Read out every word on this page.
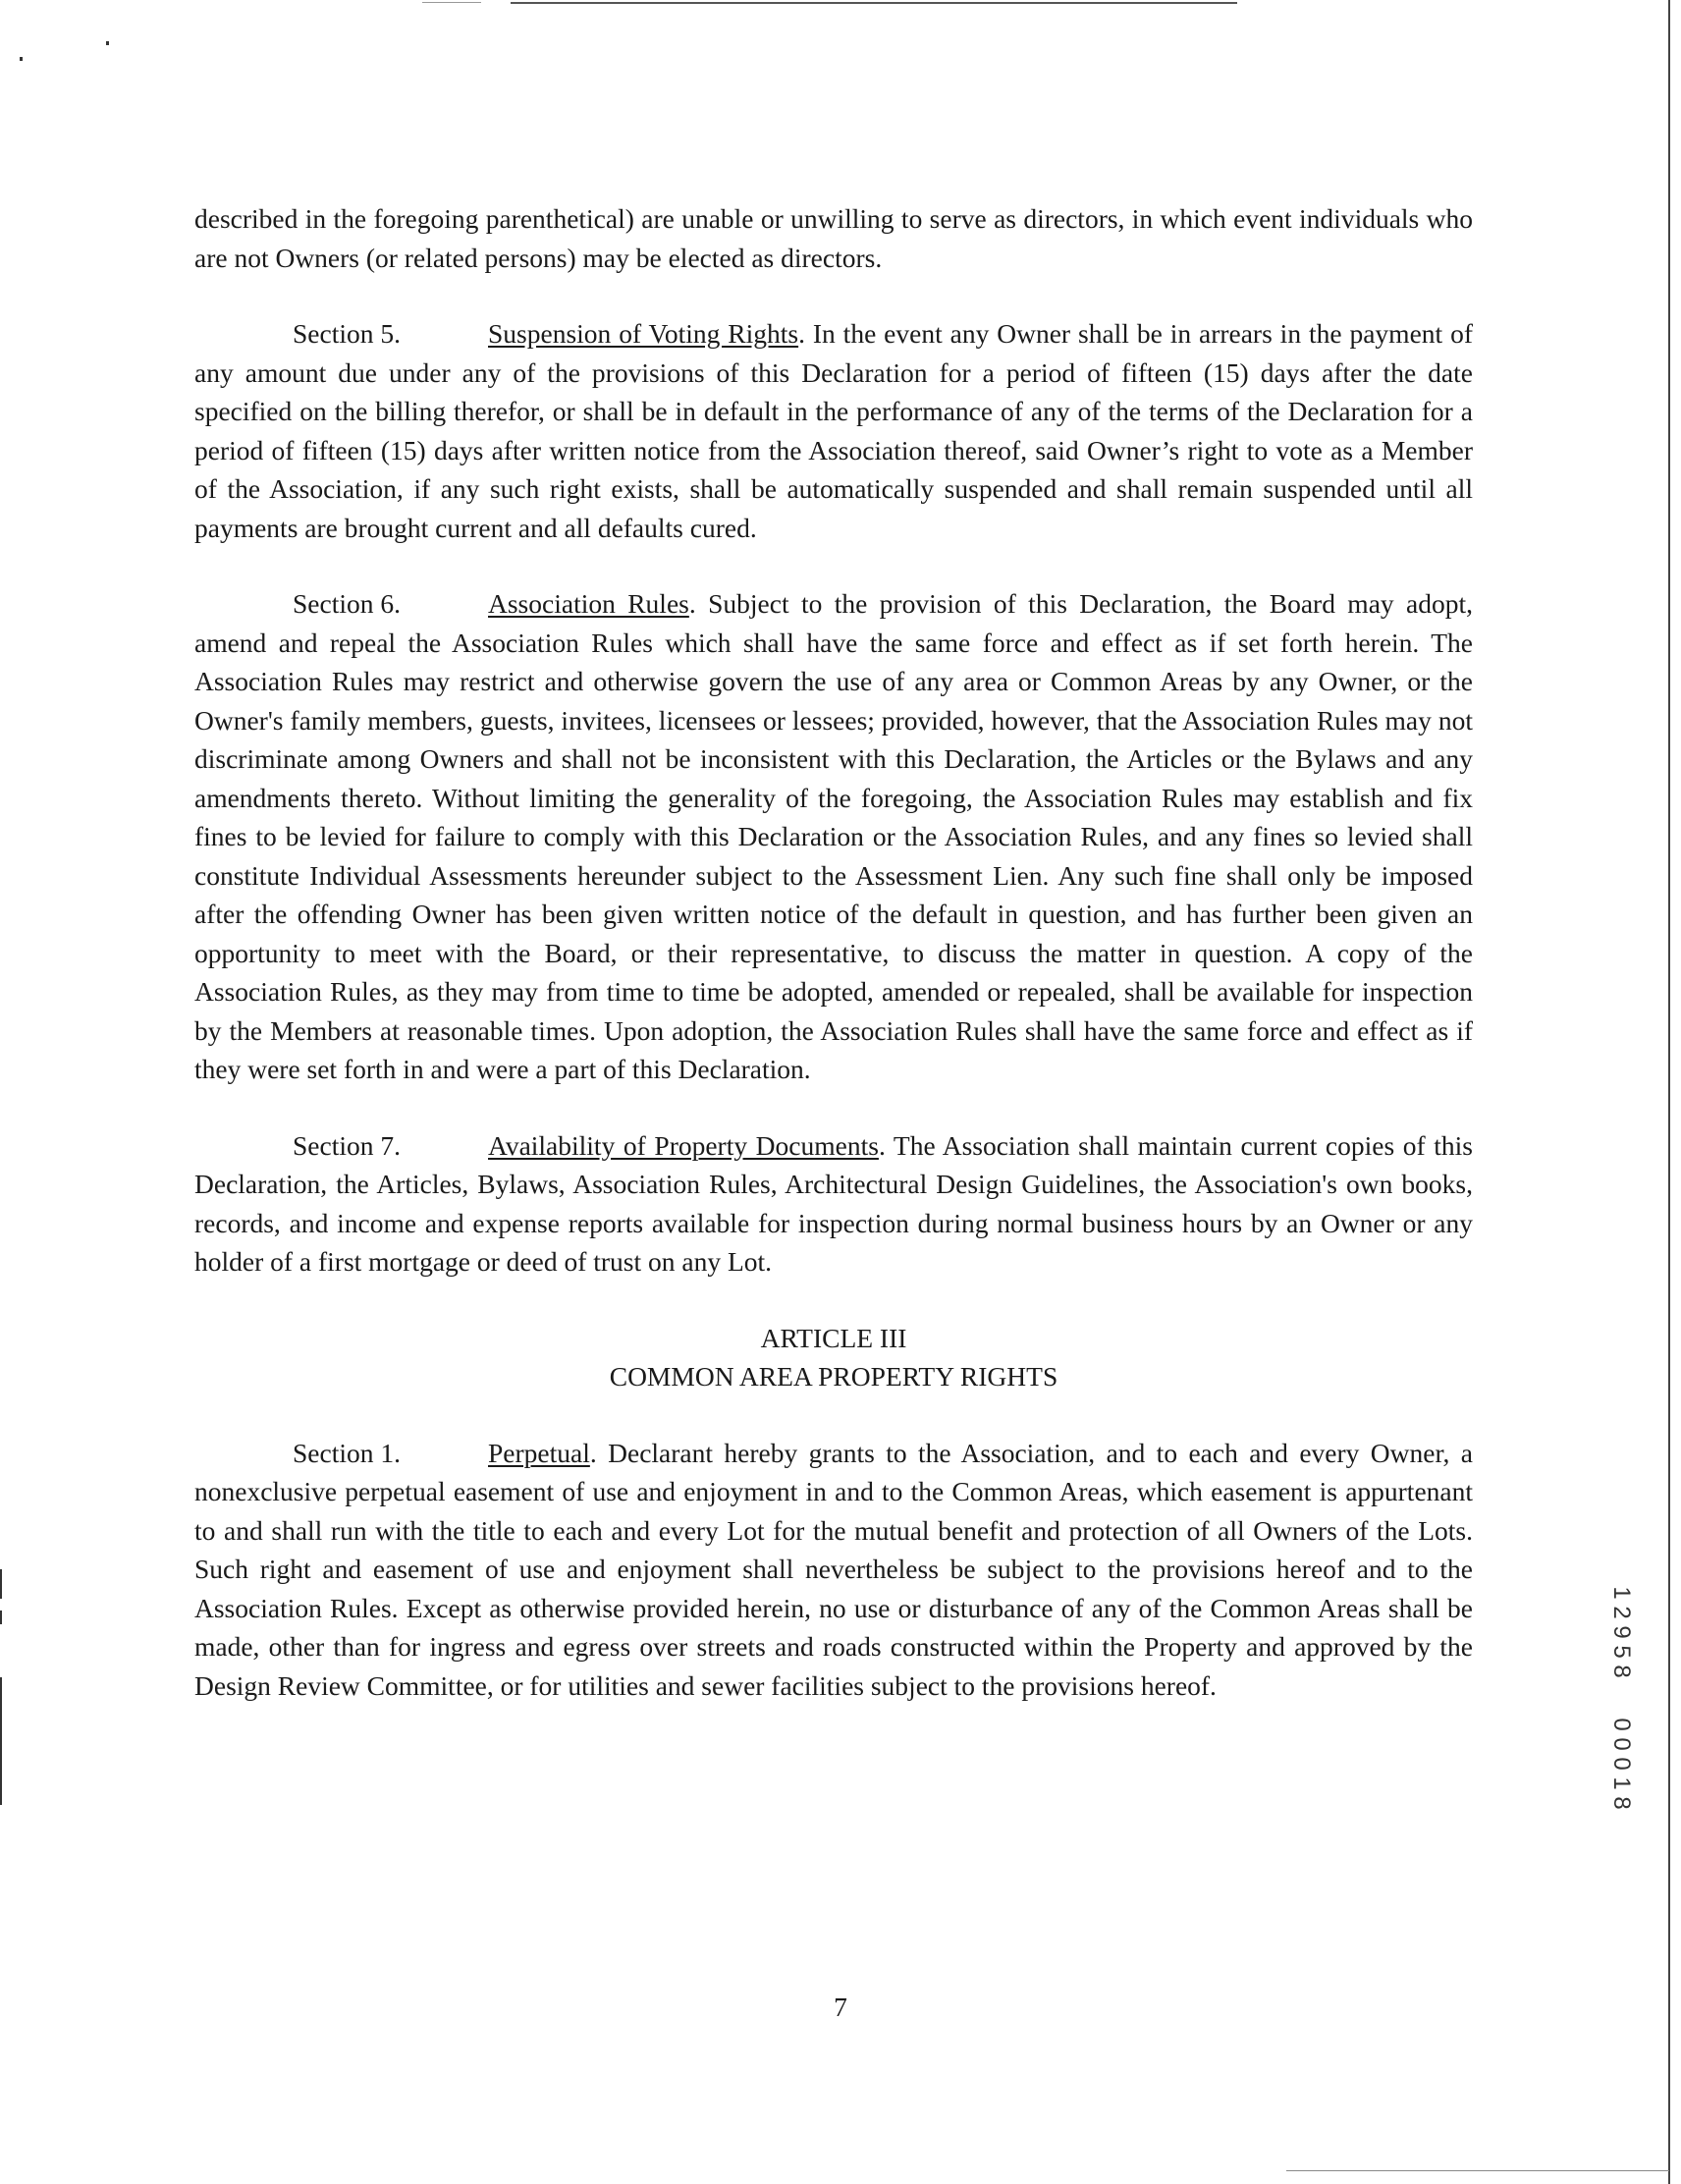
described in the foregoing parenthetical) are unable or unwilling to serve as directors, in which event individuals who are not Owners (or related persons) may be elected as directors.

Section 5.	Suspension of Voting Rights. In the event any Owner shall be in arrears in the payment of any amount due under any of the provisions of this Declaration for a period of fifteen (15) days after the date specified on the billing therefor, or shall be in default in the performance of any of the terms of the Declaration for a period of fifteen (15) days after written notice from the Association thereof, said Owner’s right to vote as a Member of the Association, if any such right exists, shall be automatically suspended and shall remain suspended until all payments are brought current and all defaults cured.

Section 6.	Association Rules. Subject to the provision of this Declaration, the Board may adopt, amend and repeal the Association Rules which shall have the same force and effect as if set forth herein. The Association Rules may restrict and otherwise govern the use of any area or Common Areas by any Owner, or the Owner's family members, guests, invitees, licensees or lessees; provided, however, that the Association Rules may not discriminate among Owners and shall not be inconsistent with this Declaration, the Articles or the Bylaws and any amendments thereto. Without limiting the generality of the foregoing, the Association Rules may establish and fix fines to be levied for failure to comply with this Declaration or the Association Rules, and any fines so levied shall constitute Individual Assessments hereunder subject to the Assessment Lien. Any such fine shall only be imposed after the offending Owner has been given written notice of the default in question, and has further been given an opportunity to meet with the Board, or their representative, to discuss the matter in question. A copy of the Association Rules, as they may from time to time be adopted, amended or repealed, shall be available for inspection by the Members at reasonable times. Upon adoption, the Association Rules shall have the same force and effect as if they were set forth in and were a part of this Declaration.

Section 7.	Availability of Property Documents. The Association shall maintain current copies of this Declaration, the Articles, Bylaws, Association Rules, Architectural Design Guidelines, the Association's own books, records, and income and expense reports available for inspection during normal business hours by an Owner or any holder of a first mortgage or deed of trust on any Lot.

ARTICLE III
COMMON AREA PROPERTY RIGHTS

Section 1.	Perpetual. Declarant hereby grants to the Association, and to each and every Owner, a nonexclusive perpetual easement of use and enjoyment in and to the Common Areas, which easement is appurtenant to and shall run with the title to each and every Lot for the mutual benefit and protection of all Owners of the Lots. Such right and easement of use and enjoyment shall nevertheless be subject to the provisions hereof and to the Association Rules. Except as otherwise provided herein, no use or disturbance of any of the Common Areas shall be made, other than for ingress and egress over streets and roads constructed within the Property and approved by the Design Review Committee, or for utilities and sewer facilities subject to the provisions hereof.

7
1
2
9
5
8
0
0
0
1
8
